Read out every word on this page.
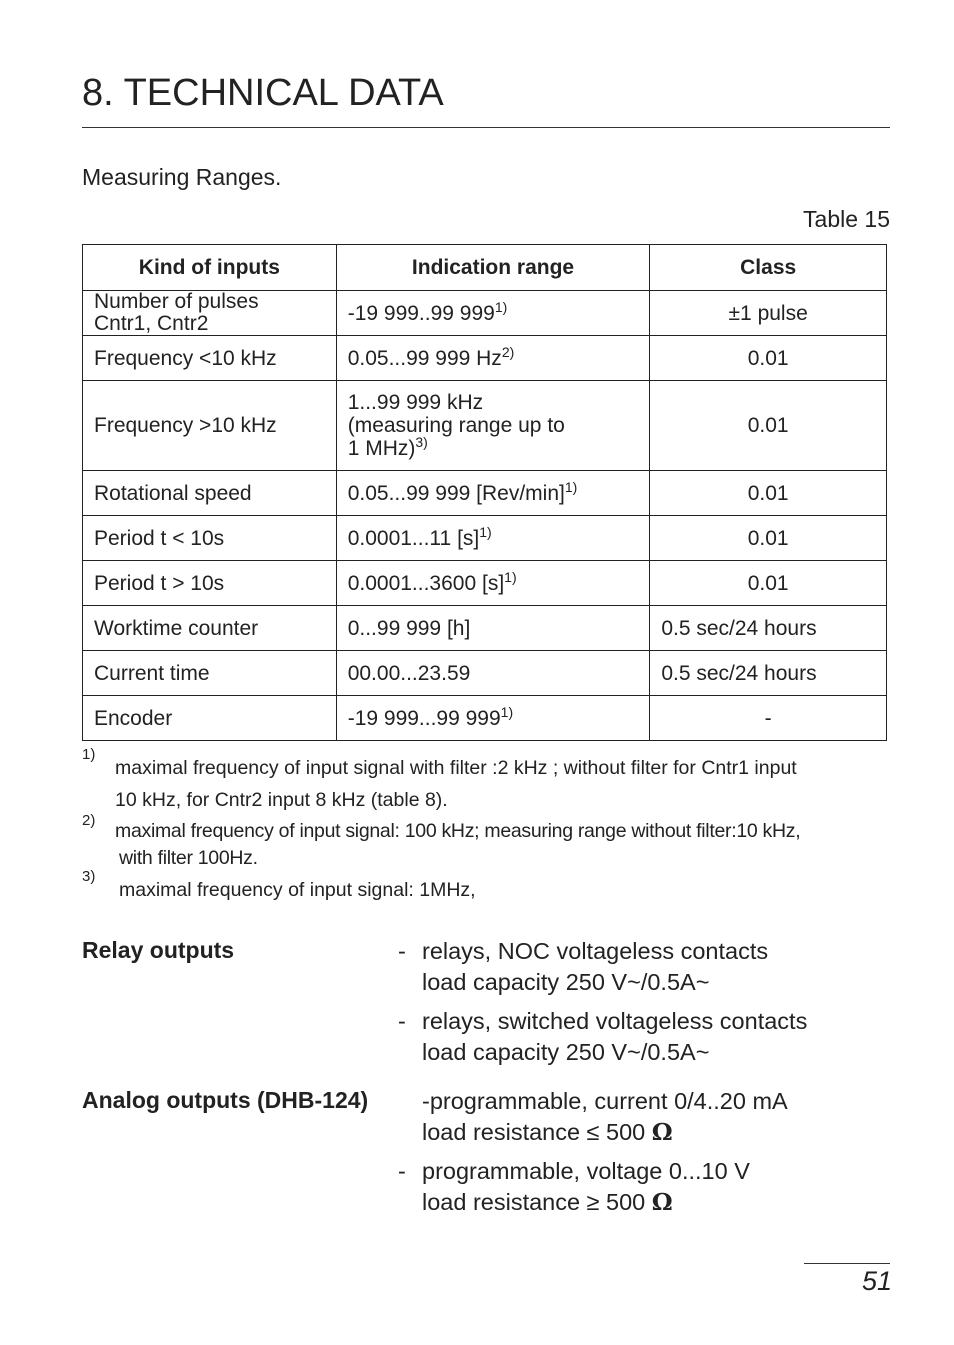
8. TECHNICAL DATA
Measuring Ranges.
Table 15
Kind of inputs	Indication range	Class
Number of pulses
Cntr1, Cntr2	-19 999..99 $999^{1)}$	±1 pulse
Frequency <10 kHz	0.05...99 999 Hz$^{2)}$	0.01
Frequency >10 kHz	1...99 999 kHz
(measuring range up to
1 MHz)$^{3)}$	0.01
Rotational speed	0.05...99 999 $[Rev/\min]^{1)}$	0.01
Period t < 10s	0.0001...11 $[s]^{1)}$	0.01
Period t > 10s	0.0001...3600 $[s]^{1)}$	0.01
Worktime counter	0...99 999 [h]	0.5 sec/24 hours
Current time	00.00...23.59	0.5 sec/24 hours
Encoder	-19 999...99 999$^{1)}$	-
1)
maximal frequency of input signal with filter :2 kHz ; without filter for Cntr1 input
10 kHz, for Cntr2 input 8 kHz (table 8).
2)	maximal frequency of input signal: 100 kHz; measuring range without filter:10 kHz,
with filter 100Hz.
3)
maximal frequency of input signal: 1MHz,
Relay outputs	- relays, NOC voltageless contacts
load capacity 250 V~/0.5A~
- relays, switched voltageless contacts
load capacity 250 V~/0.5A~
Analog outputs (DHB-124)	-programmable, current 0/4..20 mA
load resistance ≤ 500 Ω
- programmable, voltage 0...10 V
load resistance ≥ 500 Ω
51
